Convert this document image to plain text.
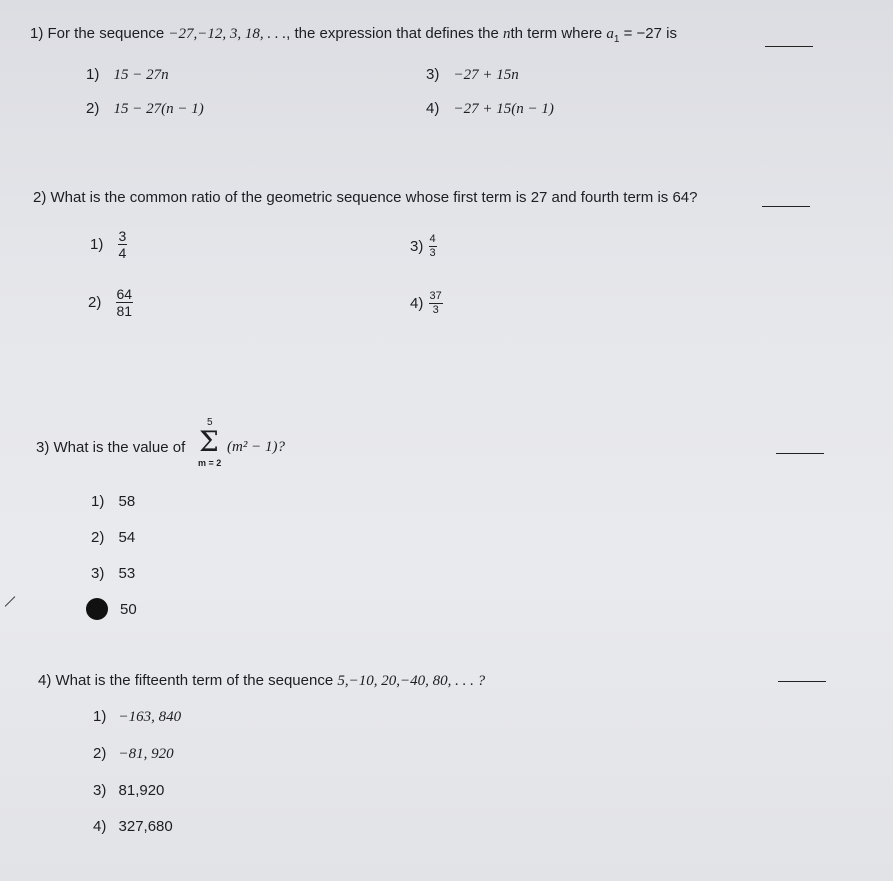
1) For the sequence −27,−12, 3, 18, . . ., the expression that defines the nth term where $a_1 = -27$ is
1) 15 − 27n
2) 15 − 27(n − 1)
3) −27 + 15n
4) −27 + 15(n − 1)
2) What is the common ratio of the geometric sequence whose first term is 27 and fourth term is 64?
$1) \frac{3}{4}$
$2) \frac{64}{81}$
$3) \frac{4}{3}$
$4) \frac{37}{3}$
3) What is the value of
5
Σ
m = 2
(m² − 1)?
1) 58
2) 54
3) 53
50
4) What is the fifteenth term of the sequence 5,−10, 20,−40, 80, . . . ?
1) −163, 840
2) −81, 920
3) 81,920
4) 327,680
